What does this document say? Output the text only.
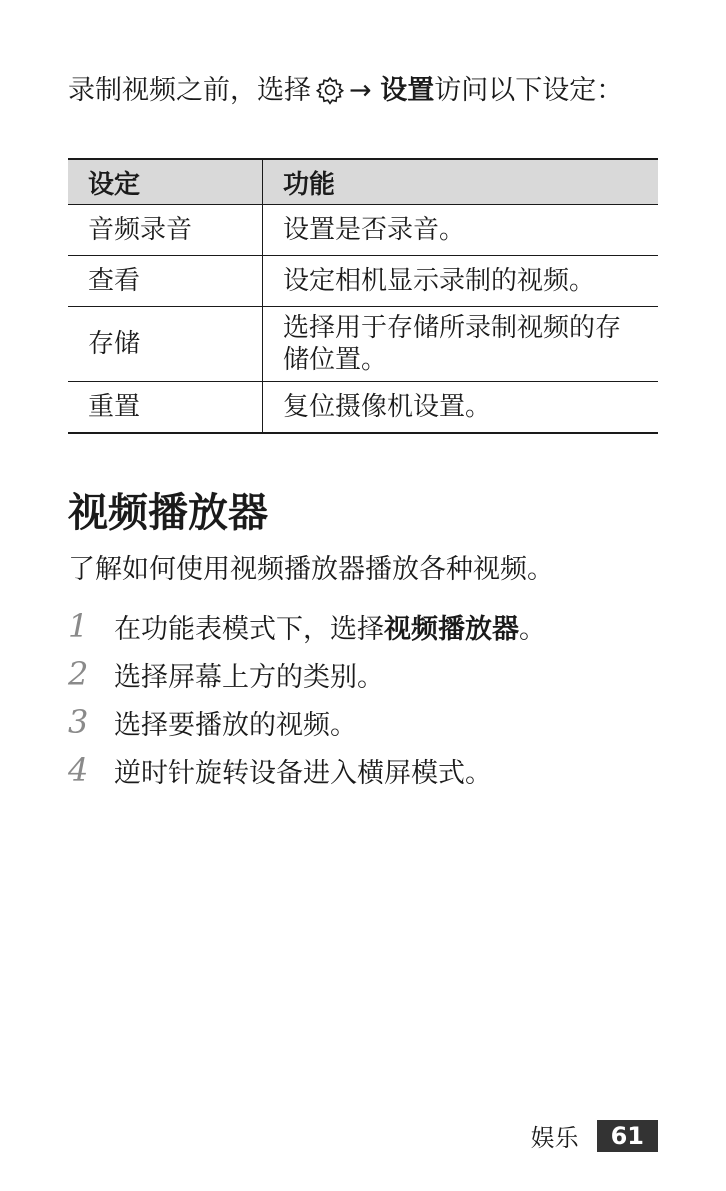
录制视频之前，选择 → 设置访问以下设定：

设定	功能
音频录音	设置是否录音。
查看	设定相机显示录制的视频。
存储	选择用于存储所录制视频的存储位置。
重置	复位摄像机设置。
视频播放器

了解如何使用视频播放器播放各种视频。

1 在功能表模式下，选择视频播放器。
2 选择屏幕上方的类别。
3 选择要播放的视频。
4 逆时针旋转设备进入横屏模式。
娱乐	61
